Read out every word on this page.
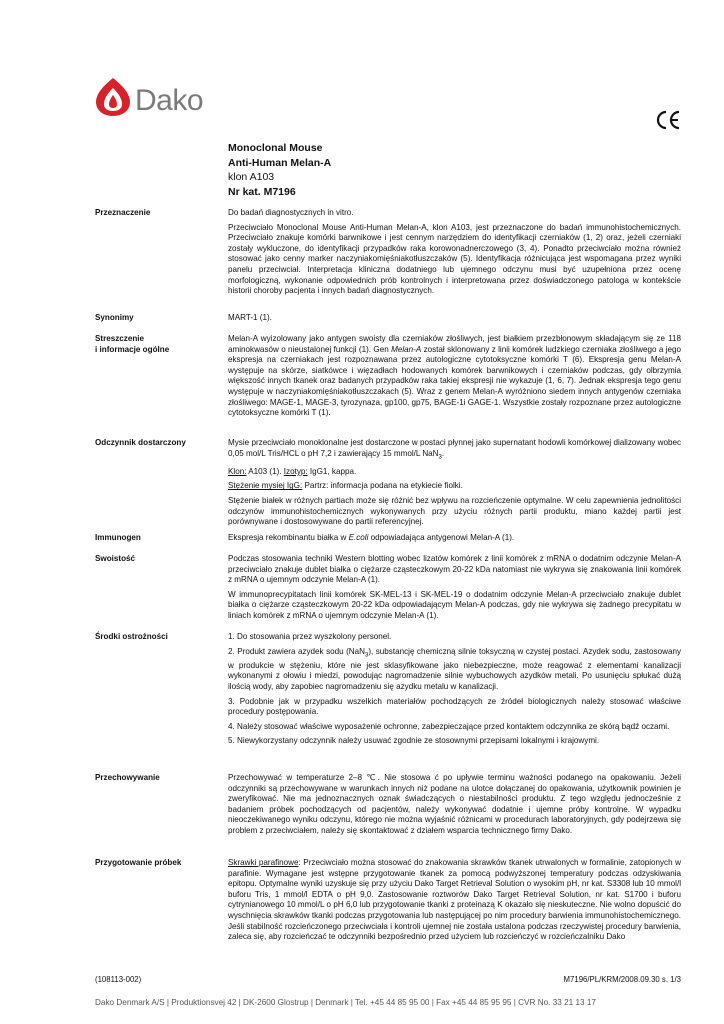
Dako
Monoclonal Mouse
Anti-Human Melan-A
klon A103
Nr kat. M7196
Przeznaczenie	Do badań diagnostycznych in vitro.

Przeciwciało Monoclonal Mouse Anti-Human Melan-A, klon A103, jest przeznaczone do badań immunohistochemicznych. Przeciwciało znakuje komórki barwnikowe i jest cennym narzędziem do identyfikacji czerniaków (1, 2) oraz, jeżeli czerniaki zostały wykluczone, do identyfikacji przypadków raka korowonadnerczowego (3, 4). Ponadto przeciwciało można również stosować jako cenny marker naczyniakomięśniakotłuszczaków (5). Identyfikacja różnicująca jest wspomagana przez wyniki panelu przeciwciał. Interpretacja kliniczna dodatniego lub ujemnego odczynu musi być uzupełniona przez ocenę morfologiczną, wykonanie odpowiednich prób kontrolnych i interpretowana przez doświadczonego patologa w kontekście historii choroby pacjenta i innych badań diagnostycznych.

Synonimy	MART-1 (1).

Streszczenie
i informacje ogólne

Melan-A wyizolowany jako antygen swoisty dla czerniaków złośliwych, jest białkiem przezbłonowym składającym się ze 118 aminokwasów o nieustalonej funkcji (1). Gen Melan-A został sklonowany z linii komórek ludzkiego czerniaka złośliwego a jego ekspresja na czerniakach jest rozpoznawana przez autologiczne cytotoksyczne komórki T (6). Ekspresja genu Melan-A występuje na skórze, siatkówce i więzadłach hodowanych komórek barwnikowych i czerniaków podczas, gdy olbrzymia większość innych tkanek oraz badanych przypadków raka takiej ekspresji nie wykazuje (1, 6, 7). Jednak ekspresja tego genu występuje w naczyniakomięśniakotłuszczakach (5). Wraz z genem Melan-A wyróżniono siedem innych antygenów czerniaka złośliwego: MAGE-1, MAGE-3, tyrozynaza, gp100, gp75, BAGE-1i GAGE-1. Wszystkie zostały rozpoznane przez autologiczne cytotoksyczne komórki T (1).

Odczynnik dostarczony	Mysie przeciwciało monoklonalne jest dostarczone w postaci płynnej jako supernatant hodowli komórkowej dializowany wobec 0,05 mol/L Tris/HCL o pH 7,2 i zawierający 15 mmol/L NaN$_3$.

Klon: A103 (1). Izotyp: IgG1, kappa.

Stężenie mysiej IgG: Partrz: informacja podana na etykiecie fiolki.

Stężenie białek w różnych partiach może się różnić bez wpływu na rozcieńczenie optymalne. W celu zapewnienia jednolitości odczynów immunohistochemicznych wykonywanych przy użyciu różnych partii produktu, miano każdej partii jest porównywane i dostosowywane do partii referencyjnej.

Immunogen	Ekspresja rekombinantu białka w E.coli odpowiadająca antygenowi Melan-A (1).

Swoistość	Podczas stosowania techniki Western blotting wobec lizatów komórek z linii komórek z mRNA o dodatnim odczynie Melan-A przeciwciało znakuje dublet białka o ciężarze cząsteczkowym 20-22 kDa natomiast nie wykrywa się znakowania linii komórek z mRNA o ujemnym odczynie Melan-A (1).

W immunoprecypitatach linii komórek SK-MEL-13 i SK-MEL-19 o dodatnim odczynie Melan-A przeciwciało znakuje dublet białka o ciężarze cząsteczkowym 20-22 kDa odpowiadającym Melan-A podczas, gdy nie wykrywa się żadnego precypitatu w liniach komórek z mRNA o ujemnym odczynie Melan-A (1).

Środki ostrożności	1. Do stosowania przez wyszkolony personel.

2. Produkt zawiera azydek sodu (NaN$_3$), substancję chemiczną silnie toksyczną w czystej postaci. Azydek sodu, zastosowany w produkcie w stężeniu, które nie jest sklasyfikowane jako niebezpieczne, może reagować z elementami kanalizacji wykonanymi z ołowiu i miedzi, powodując nagromadzenie silnie wybuchowych azydków metali. Po usunięciu spłukać dużą ilością wody, aby zapobiec nagromadzeniu się azydku metalu w kanalizacji.

3. Podobnie jak w przypadku wszelkich materiałów pochodzących ze źródeł biologicznych należy stosować właściwe procedury postępowania.

4. Należy stosować właściwe wyposażenie ochronne, zabezpieczające przed kontaktem odczynnika ze skórą bądź oczami.

5. Niewykorzystany odczynnik należy usuwać zgodnie ze stosownymi przepisami lokalnymi i krajowymi.

Przechowywanie	Przechowywać w temperaturze 2–8 ℃. Nie stosowa ć po upływie terminu ważności podanego na opakowaniu. Jeżeli odczynniki są przechowywane w warunkach innych niż podane na ulotce dołączanej do opakowania, użytkownik powinien je zweryfikować. Nie ma jednoznacznych oznak świadczących o niestabilności produktu. Z tego względu jednocześnie z badaniem próbek pochodzących od pacjentów, należy wykonywać dodatnie i ujemne próby kontrolne. W wypadku nieoczekiwanego wyniku odczynu, którego nie można wyjaśnić różnicami w procedurach laboratoryjnych, gdy podejrzewa się problem z przeciwciałem, należy się skontaktować z działem wsparcia technicznego firmy Dako.

Przygotowanie próbek	Skrawki parafinowe: Przeciwciało można stosować do znakowania skrawków tkanek utrwalonych w formalinie, zatopionych w parafinie. Wymagane jest wstępne przygotowanie tkanek za pomocą podwyższonej temperatury podczas odzyskiwania epitopu. Optymalne wyniki uzyskuje się przy użyciu Dako Target Retrieval Solution o wysokim pH, nr kat. S3308 lub 10 mmol/l buforu Tris, 1 mmol/l EDTA o pH 9,0. Zastosowanie roztworów Dako Target Retrieval Solution, nr kat. S1700 i buforu cytrynianowego 10 mmol/L o pH 6,0 lub przygotowanie tkanki z proteinazą K okazało się nieskuteczne. Nie wolno dopuścić do wyschnięcia skrawków tkanki podczas przygotowania lub następującej po nim procedury barwienia immunohistochemicznego. Jeśli stabilność rozcieńczonego przeciwciała i kontroli ujemnej nie została ustalona podczas rzeczywistej procedury barwienia, zaleca się, aby rozcieńczać te odczynniki bezpośrednio przed użyciem lub rozcieńczyć w rozcieńczalniku Dako

(108113-002)	M7196/PL/KRM/2008.09.30 s. 1/3
Dako Denmark A/S | Produktionsvej 42 | DK-2600 Glostrup | Denmark | Tel. +45 44 85 95 00 | Fax +45 44 85 95 95 | CVR No. 33 21 13 17
